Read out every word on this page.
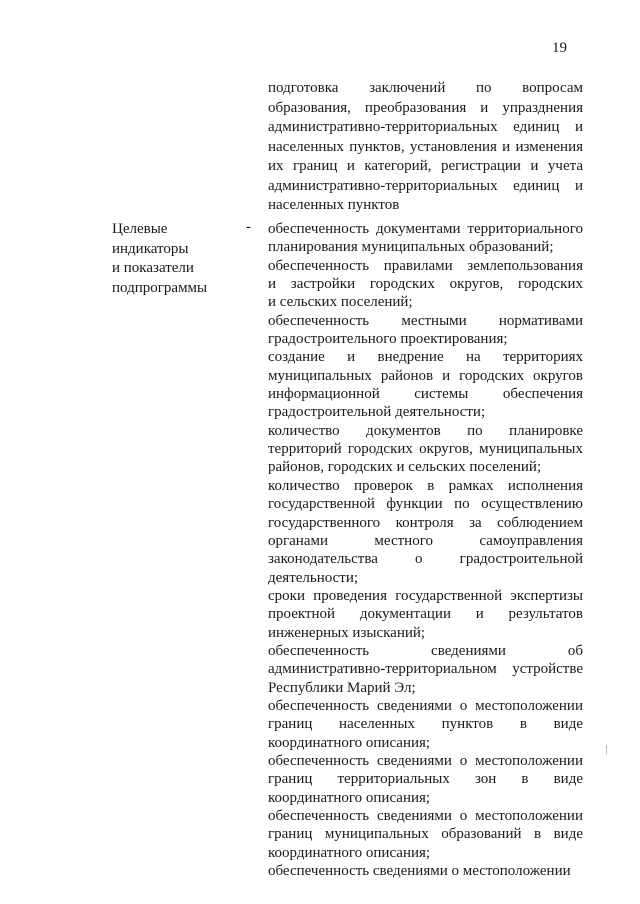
19
подготовка заключений по вопросам
образования, преобразования и упразднения
административно-территориальных единиц и
населенных пунктов, установления и изменения
их границ и категорий, регистрации и учета
административно-территориальных единиц и
населенных пунктов
Целевые
индикаторы
и показатели
подпрограммы
- обеспеченность документами территориального
планирования муниципальных образований;
обеспеченность правилами землепользования
и застройки городских округов, городских
и сельских поселений;
обеспеченность местными нормативами
градостроительного проектирования;
создание и внедрение на территориях
муниципальных районов и городских округов
информационной системы обеспечения
градостроительной деятельности;
количество документов по планировке
территорий городских округов, муниципальных
районов, городских и сельских поселений;
количество проверок в рамках исполнения
государственной функции по осуществлению
государственного контроля за соблюдением
органами местного самоуправления
законодательства о градостроительной
деятельности;
сроки проведения государственной экспертизы
проектной документации и результатов
инженерных изысканий;
обеспеченность сведениями об
административно-территориальном устройстве
Республики Марий Эл;
обеспеченность сведениями о местоположении
границ населенных пунктов в виде
координатного описания;
обеспеченность сведениями о местоположении
границ территориальных зон в виде
координатного описания;
обеспеченность сведениями о местоположении
границ муниципальных образований в виде
координатного описания;
обеспеченность сведениями о местоположении
